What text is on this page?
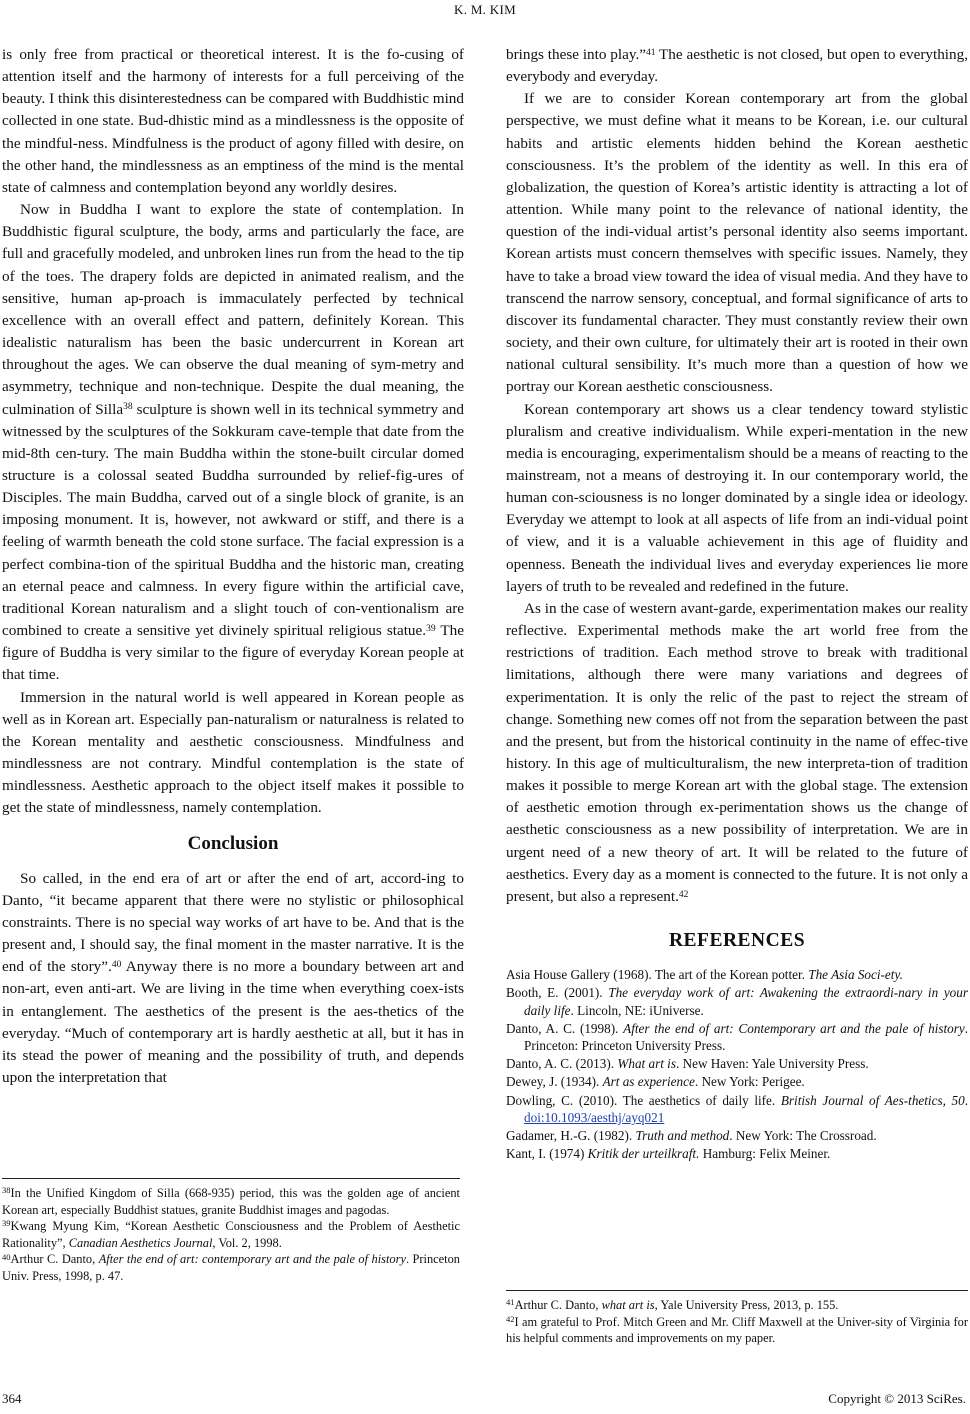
K. M. KIM

is only free from practical or theoretical interest. It is the fo-cusing of attention itself and the harmony of interests for a full perceiving of the beauty. I think this disinterestedness can be compared with Buddhistic mind collected in one state. Bud-dhistic mind as a mindlessness is the opposite of the mindful-ness. Mindfulness is the product of agony filled with desire, on the other hand, the mindlessness as an emptiness of the mind is the mental state of calmness and contemplation beyond any worldly desires.

Now in Buddha I want to explore the state of contemplation. In Buddhistic figural sculpture, the body, arms and particularly the face, are full and gracefully modeled, and unbroken lines run from the head to the tip of the toes. The drapery folds are depicted in animated realism, and the sensitive, human ap-proach is immaculately perfected by technical excellence with an overall effect and pattern, definitely Korean. This idealistic naturalism has been the basic undercurrent in Korean art throughout the ages. We can observe the dual meaning of sym-metry and asymmetry, technique and non-technique. Despite the dual meaning, the culmination of Silla$^{38}$ sculpture is shown well in its technical symmetry and witnessed by the sculptures of the Sokkuram cave-temple that date from the mid-8th cen-tury. The main Buddha within the stone-built circular domed structure is a colossal seated Buddha surrounded by relief-fig-ures of Disciples. The main Buddha, carved out of a single block of granite, is an imposing monument. It is, however, not awkward or stiff, and there is a feeling of warmth beneath the cold stone surface. The facial expression is a perfect combina-tion of the spiritual Buddha and the historic man, creating an eternal peace and calmness. In every figure within the artificial cave, traditional Korean naturalism and a slight touch of con-ventionalism are combined to create a sensitive yet divinely spiritual religious statue.$^{39}$ The figure of Buddha is very similar to the figure of everyday Korean people at that time.

Immersion in the natural world is well appeared in Korean people as well as in Korean art. Especially pan-naturalism or naturalness is related to the Korean mentality and aesthetic consciousness. Mindfulness and mindlessness are not contrary. Mindful contemplation is the state of mindlessness. Aesthetic approach to the object itself makes it possible to get the state of mindlessness, namely contemplation.

Conclusion

So called, in the end era of art or after the end of art, accord-ing to Danto, “it became apparent that there were no stylistic or philosophical constraints. There is no special way works of art have to be. And that is the present and, I should say, the final moment in the master narrative. It is the end of the story”.$^{40}$ Anyway there is no more a boundary between art and non-art, even anti-art. We are living in the time when everything coex-ists in entanglement. The aesthetics of the present is the aes-thetics of the everyday. “Much of contemporary art is hardly aesthetic at all, but it has in its stead the power of meaning and the possibility of truth, and depends upon the interpretation that

brings these into play.”$^{41}$ The aesthetic is not closed, but open to everything, everybody and everyday.

If we are to consider Korean contemporary art from the global perspective, we must define what it means to be Korean, i.e. our cultural habits and artistic elements hidden behind the Korean aesthetic consciousness. It’s the problem of the identity as well. In this era of globalization, the question of Korea’s artistic identity is attracting a lot of attention. While many point to the relevance of national identity, the question of the indi-vidual artist’s personal identity also seems important. Korean artists must concern themselves with specific issues. Namely, they have to take a broad view toward the idea of visual media. And they have to transcend the narrow sensory, conceptual, and formal significance of arts to discover its fundamental character. They must constantly review their own society, and their own culture, for ultimately their art is rooted in their own national cultural sensibility. It’s much more than a question of how we portray our Korean aesthetic consciousness.

Korean contemporary art shows us a clear tendency toward stylistic pluralism and creative individualism. While experi-mentation in the new media is encouraging, experimentalism should be a means of reacting to the mainstream, not a means of destroying it. In our contemporary world, the human con-sciousness is no longer dominated by a single idea or ideology. Everyday we attempt to look at all aspects of life from an indi-vidual point of view, and it is a valuable achievement in this age of fluidity and openness. Beneath the individual lives and everyday experiences lie more layers of truth to be revealed and redefined in the future.

As in the case of western avant-garde, experimentation makes our reality reflective. Experimental methods make the art world free from the restrictions of tradition. Each method strove to break with traditional limitations, although there were many variations and degrees of experimentation. It is only the relic of the past to reject the stream of change. Something new comes off not from the separation between the past and the present, but from the historical continuity in the name of effec-tive history. In this age of multiculturalism, the new interpreta-tion of tradition makes it possible to merge Korean art with the global stage. The extension of aesthetic emotion through ex-perimentation shows us the change of aesthetic consciousness as a new possibility of interpretation. We are in urgent need of a new theory of art. It will be related to the future of aesthetics. Every day as a moment is connected to the future. It is not only a present, but also a represent.$^{42}$

REFERENCES
Asia House Gallery (1968). The art of the Korean potter. The Asia Soci-ety.
Booth, E. (2001). The everyday work of art: Awakening the extraordi-nary in your daily life. Lincoln, NE: iUniverse.
Danto, A. C. (1998). After the end of art: Contemporary art and the pale of history. Princeton: Princeton University Press.
Danto, A. C. (2013). What art is. New Haven: Yale University Press.
Dewey, J. (1934). Art as experience. New York: Perigee.
Dowling, C. (2010). The aesthetics of daily life. British Journal of Aes-thetics, 50. doi:10.1093/aesthj/ayq021
Gadamer, H.-G. (1982). Truth and method. New York: The Crossroad.
Kant, I. (1974) Kritik der urteilkraft. Hamburg: Felix Meiner.
$^{38}$In the Unified Kingdom of Silla (668-935) period, this was the golden age of ancient Korean art, especially Buddhist statues, granite Buddhist images and pagodas.
$^{39}$Kwang Myung Kim, “Korean Aesthetic Consciousness and the Problem of Aesthetic Rationality”, Canadian Aesthetics Journal, Vol. 2, 1998.
$^{40}$Arthur C. Danto, After the end of art: contemporary art and the pale of history. Princeton Univ. Press, 1998, p. 47.
$^{41}$Arthur C. Danto, what art is, Yale University Press, 2013, p. 155.
$^{42}$I am grateful to Prof. Mitch Green and Mr. Cliff Maxwell at the Univer-sity of Virginia for his helpful comments and improvements on my paper.
364	Copyright © 2013 SciRes.
